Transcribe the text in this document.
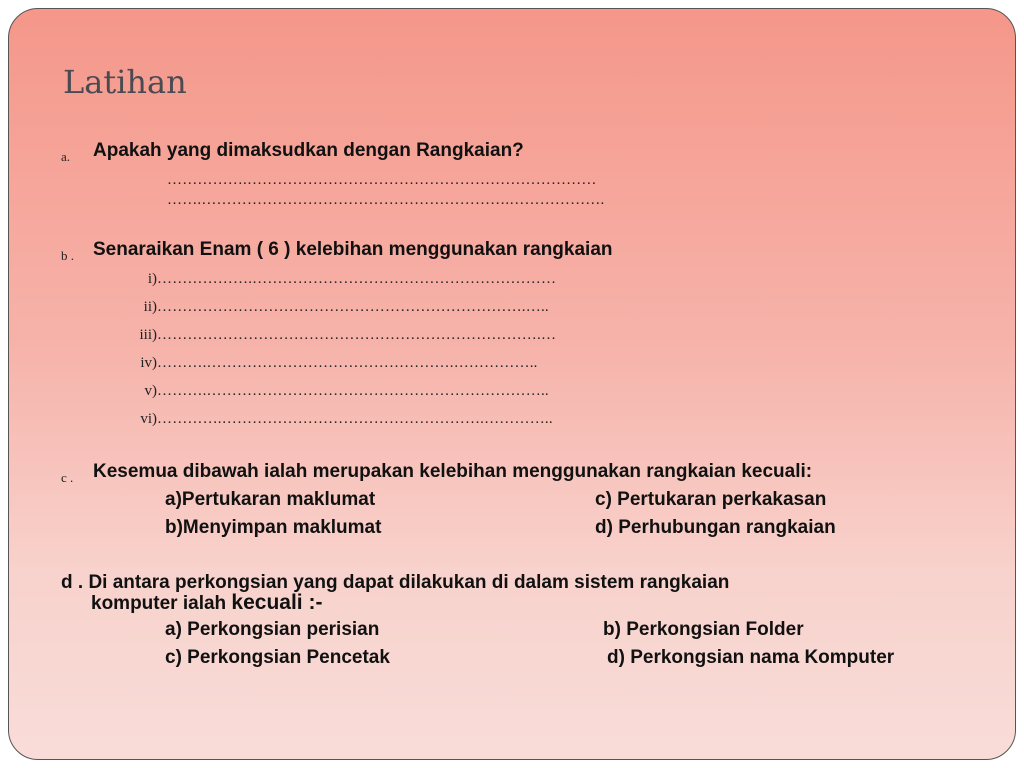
Latihan
a. Apakah yang dimaksudkan dengan Rangkaian?
…………….……………………………………………………………
…….…………………………………………………….……………….
b . Senaraikan Enam ( 6 ) kelebihan menggunakan rangkaian
i)……………….……………………………………………………
ii)……………………………………………………………….…..
iii)………………………………………………………………….…
iv)……….………………………………………….……………..
v)……….…………………………………………………………..
vi)………….…………………………………………….…………..
c . Kesemua dibawah ialah merupakan kelebihan menggunakan rangkaian kecuali:
a)Pertukaran maklumat
b)Menyimpan maklumat
c) Pertukaran perkakasan
d) Perhubungan rangkaian
d . Di antara perkongsian yang dapat dilakukan di dalam sistem rangkaian
komputer ialah kecuali :-
a) Perkongsian perisian
c) Perkongsian Pencetak
b) Perkongsian Folder
d) Perkongsian nama Komputer
